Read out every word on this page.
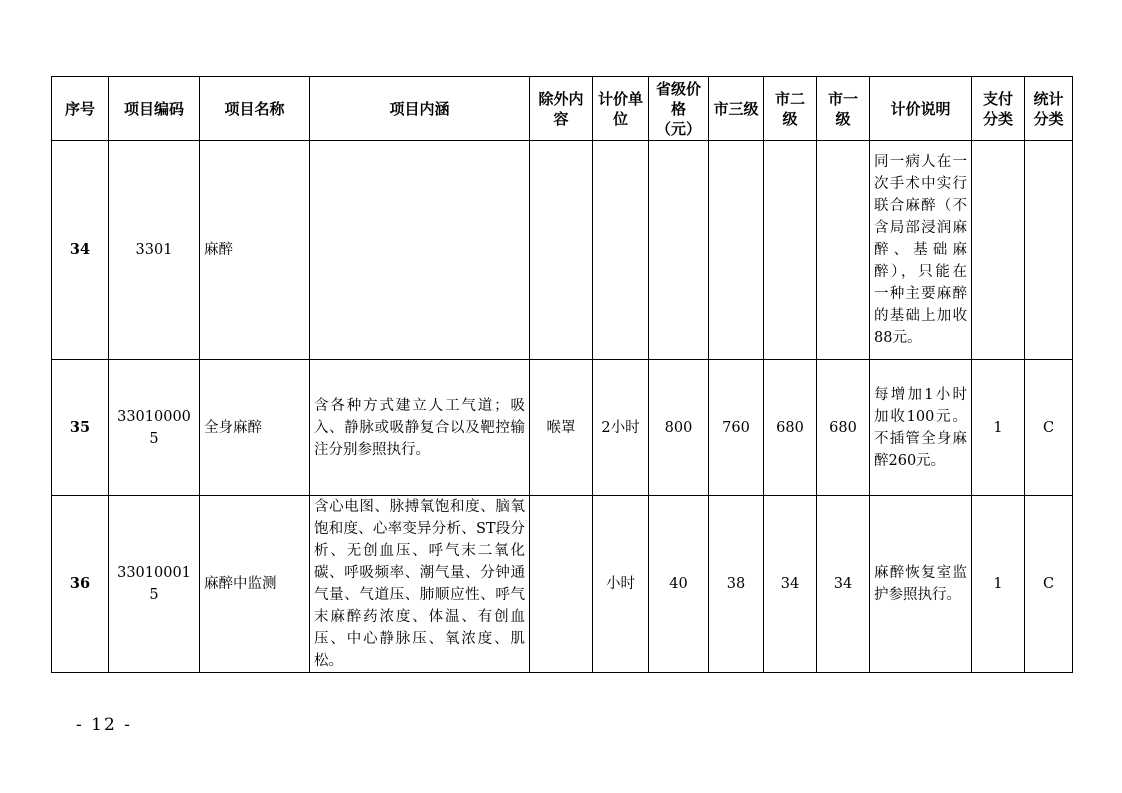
序号	项目编码	项目名称	项目内涵	除外内容	计价单位	省级价格（元）	市三级	市二级	市一级	计价说明	支付分类	统计分类
34	3301	麻醉								同一病人在一次手术中实行联合麻醉（不含局部浸润麻醉、基础麻醉），只能在一种主要麻醉的基础上加收88元。		
35	330100005	全身麻醉	含各种方式建立人工气道；吸入、静脉或吸静复合以及靶控输注分别参照执行。	喉罩	2小时	800	760	680	680	每增加1小时加收100元。不插管全身麻醉260元。	1	C
36	330100015	麻醉中监测	含心电图、脉搏氧饱和度、脑氧饱和度、心率变异分析、ST段分析、无创血压、呼气末二氧化碳、呼吸频率、潮气量、分钟通气量、气道压、肺顺应性、呼气末麻醉药浓度、体温、有创血压、中心静脉压、氧浓度、肌松。		小时	40	38	34	34	麻醉恢复室监护参照执行。	1	C
- 12 -
